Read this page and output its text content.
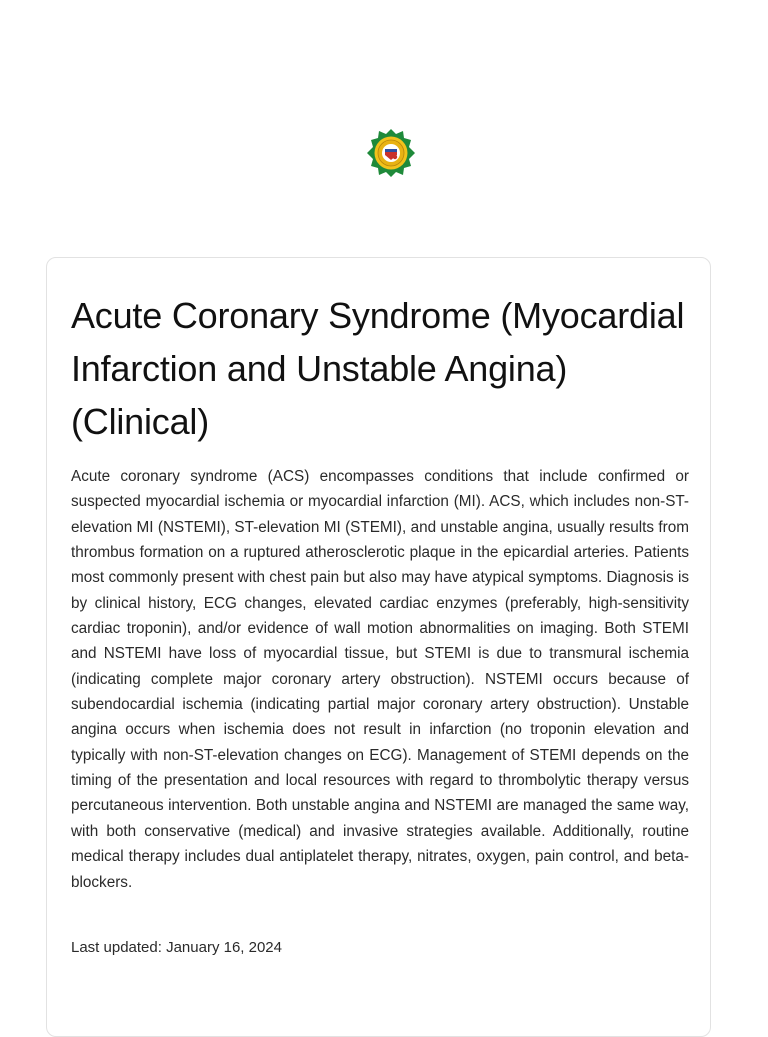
Acute Coronary Syndrome (Myocardial Infarction and Unstable Angina) (Clinical)

Acute coronary syndrome (ACS) encompasses conditions that include confirmed or suspected myocardial ischemia or myocardial infarction (MI). ACS, which includes non-ST-elevation MI (NSTEMI), ST-elevation MI (STEMI), and unstable angina, usually results from thrombus formation on a ruptured atherosclerotic plaque in the epicardial arteries. Patients most commonly present with chest pain but also may have atypical symptoms. Diagnosis is by clinical history, ECG changes, elevated cardiac enzymes (preferably, high-sensitivity cardiac troponin), and/or evidence of wall motion abnormalities on imaging. Both STEMI and NSTEMI have loss of myocardial tissue, but STEMI is due to transmural ischemia (indicating complete major coronary artery obstruction). NSTEMI occurs because of subendocardial ischemia (indicating partial major coronary artery obstruction). Unstable angina occurs when ischemia does not result in infarction (no troponin elevation and typically with non-ST-elevation changes on ECG). Management of STEMI depends on the timing of the presentation and local resources with regard to thrombolytic therapy versus percutaneous intervention. Both unstable angina and NSTEMI are managed the same way, with both conservative (medical) and invasive strategies available. Additionally, routine medical therapy includes dual antiplatelet therapy, nitrates, oxygen, pain control, and beta-blockers.

Last updated: January 16, 2024
